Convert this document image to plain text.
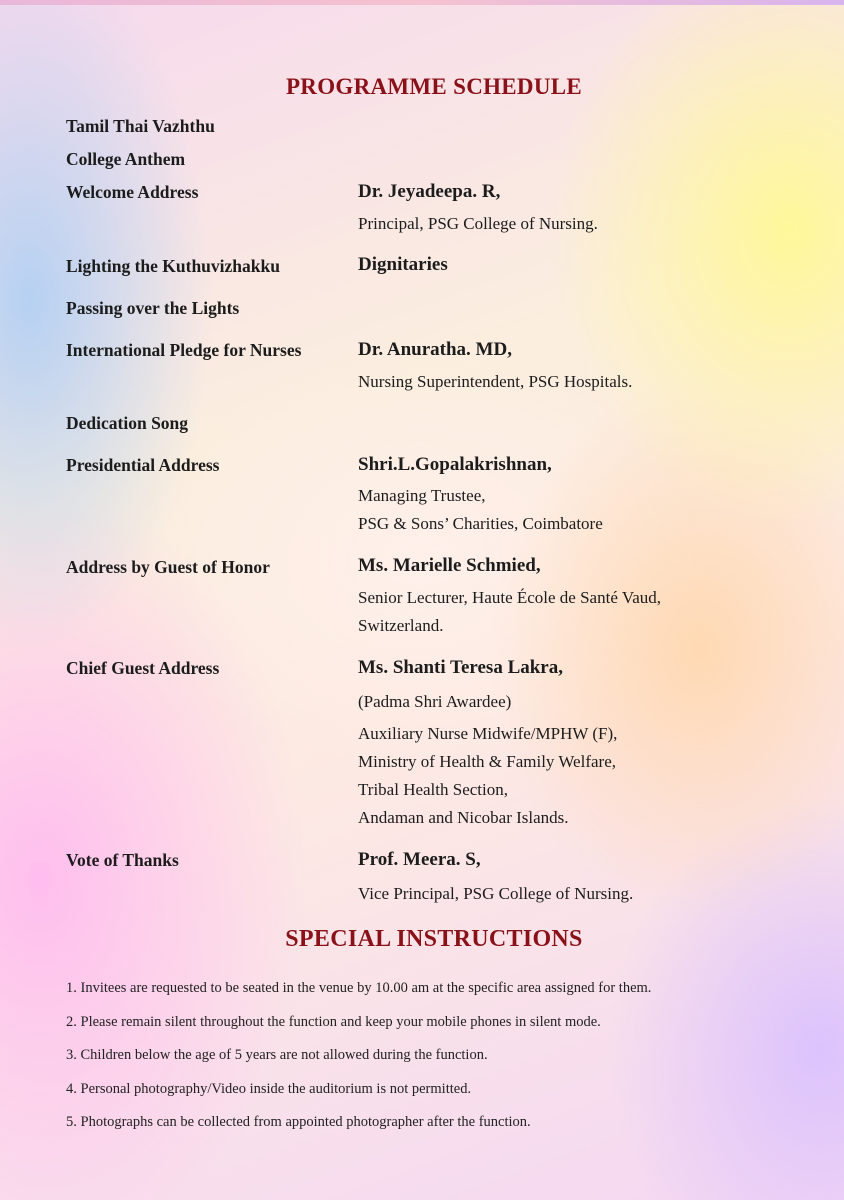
PROGRAMME SCHEDULE
Tamil Thai Vazhthu
College Anthem
Welcome Address	Dr. Jeyadeepa. R,
Principal, PSG College of Nursing.
Lighting the Kuthuvizhakku	Dignitaries
Passing over the Lights
International Pledge for Nurses	Dr. Anuratha. MD,
Nursing Superintendent, PSG Hospitals.
Dedication Song
Presidential Address	Shri.L.Gopalakrishnan,
Managing Trustee,
PSG & Sons’ Charities, Coimbatore
Address by Guest of Honor	Ms. Marielle Schmied,
Senior Lecturer, Haute École de Santé Vaud,
Switzerland.
Chief Guest Address	Ms. Shanti Teresa Lakra,
(Padma Shri Awardee)
Auxiliary Nurse Midwife/MPHW (F),
Ministry of Health & Family Welfare,
Tribal Health Section,
Andaman and Nicobar Islands.
Vote of Thanks	Prof. Meera. S,
Vice Principal, PSG College of Nursing.
SPECIAL INSTRUCTIONS
1. Invitees are requested to be seated in the venue by 10.00 am at the specific area assigned for them.
2. Please remain silent throughout the function and keep your mobile phones in silent mode.
3. Children below the age of 5 years are not allowed during the function.
4. Personal photography/Video inside the auditorium is not permitted.
5. Photographs can be collected from appointed photographer after the function.
